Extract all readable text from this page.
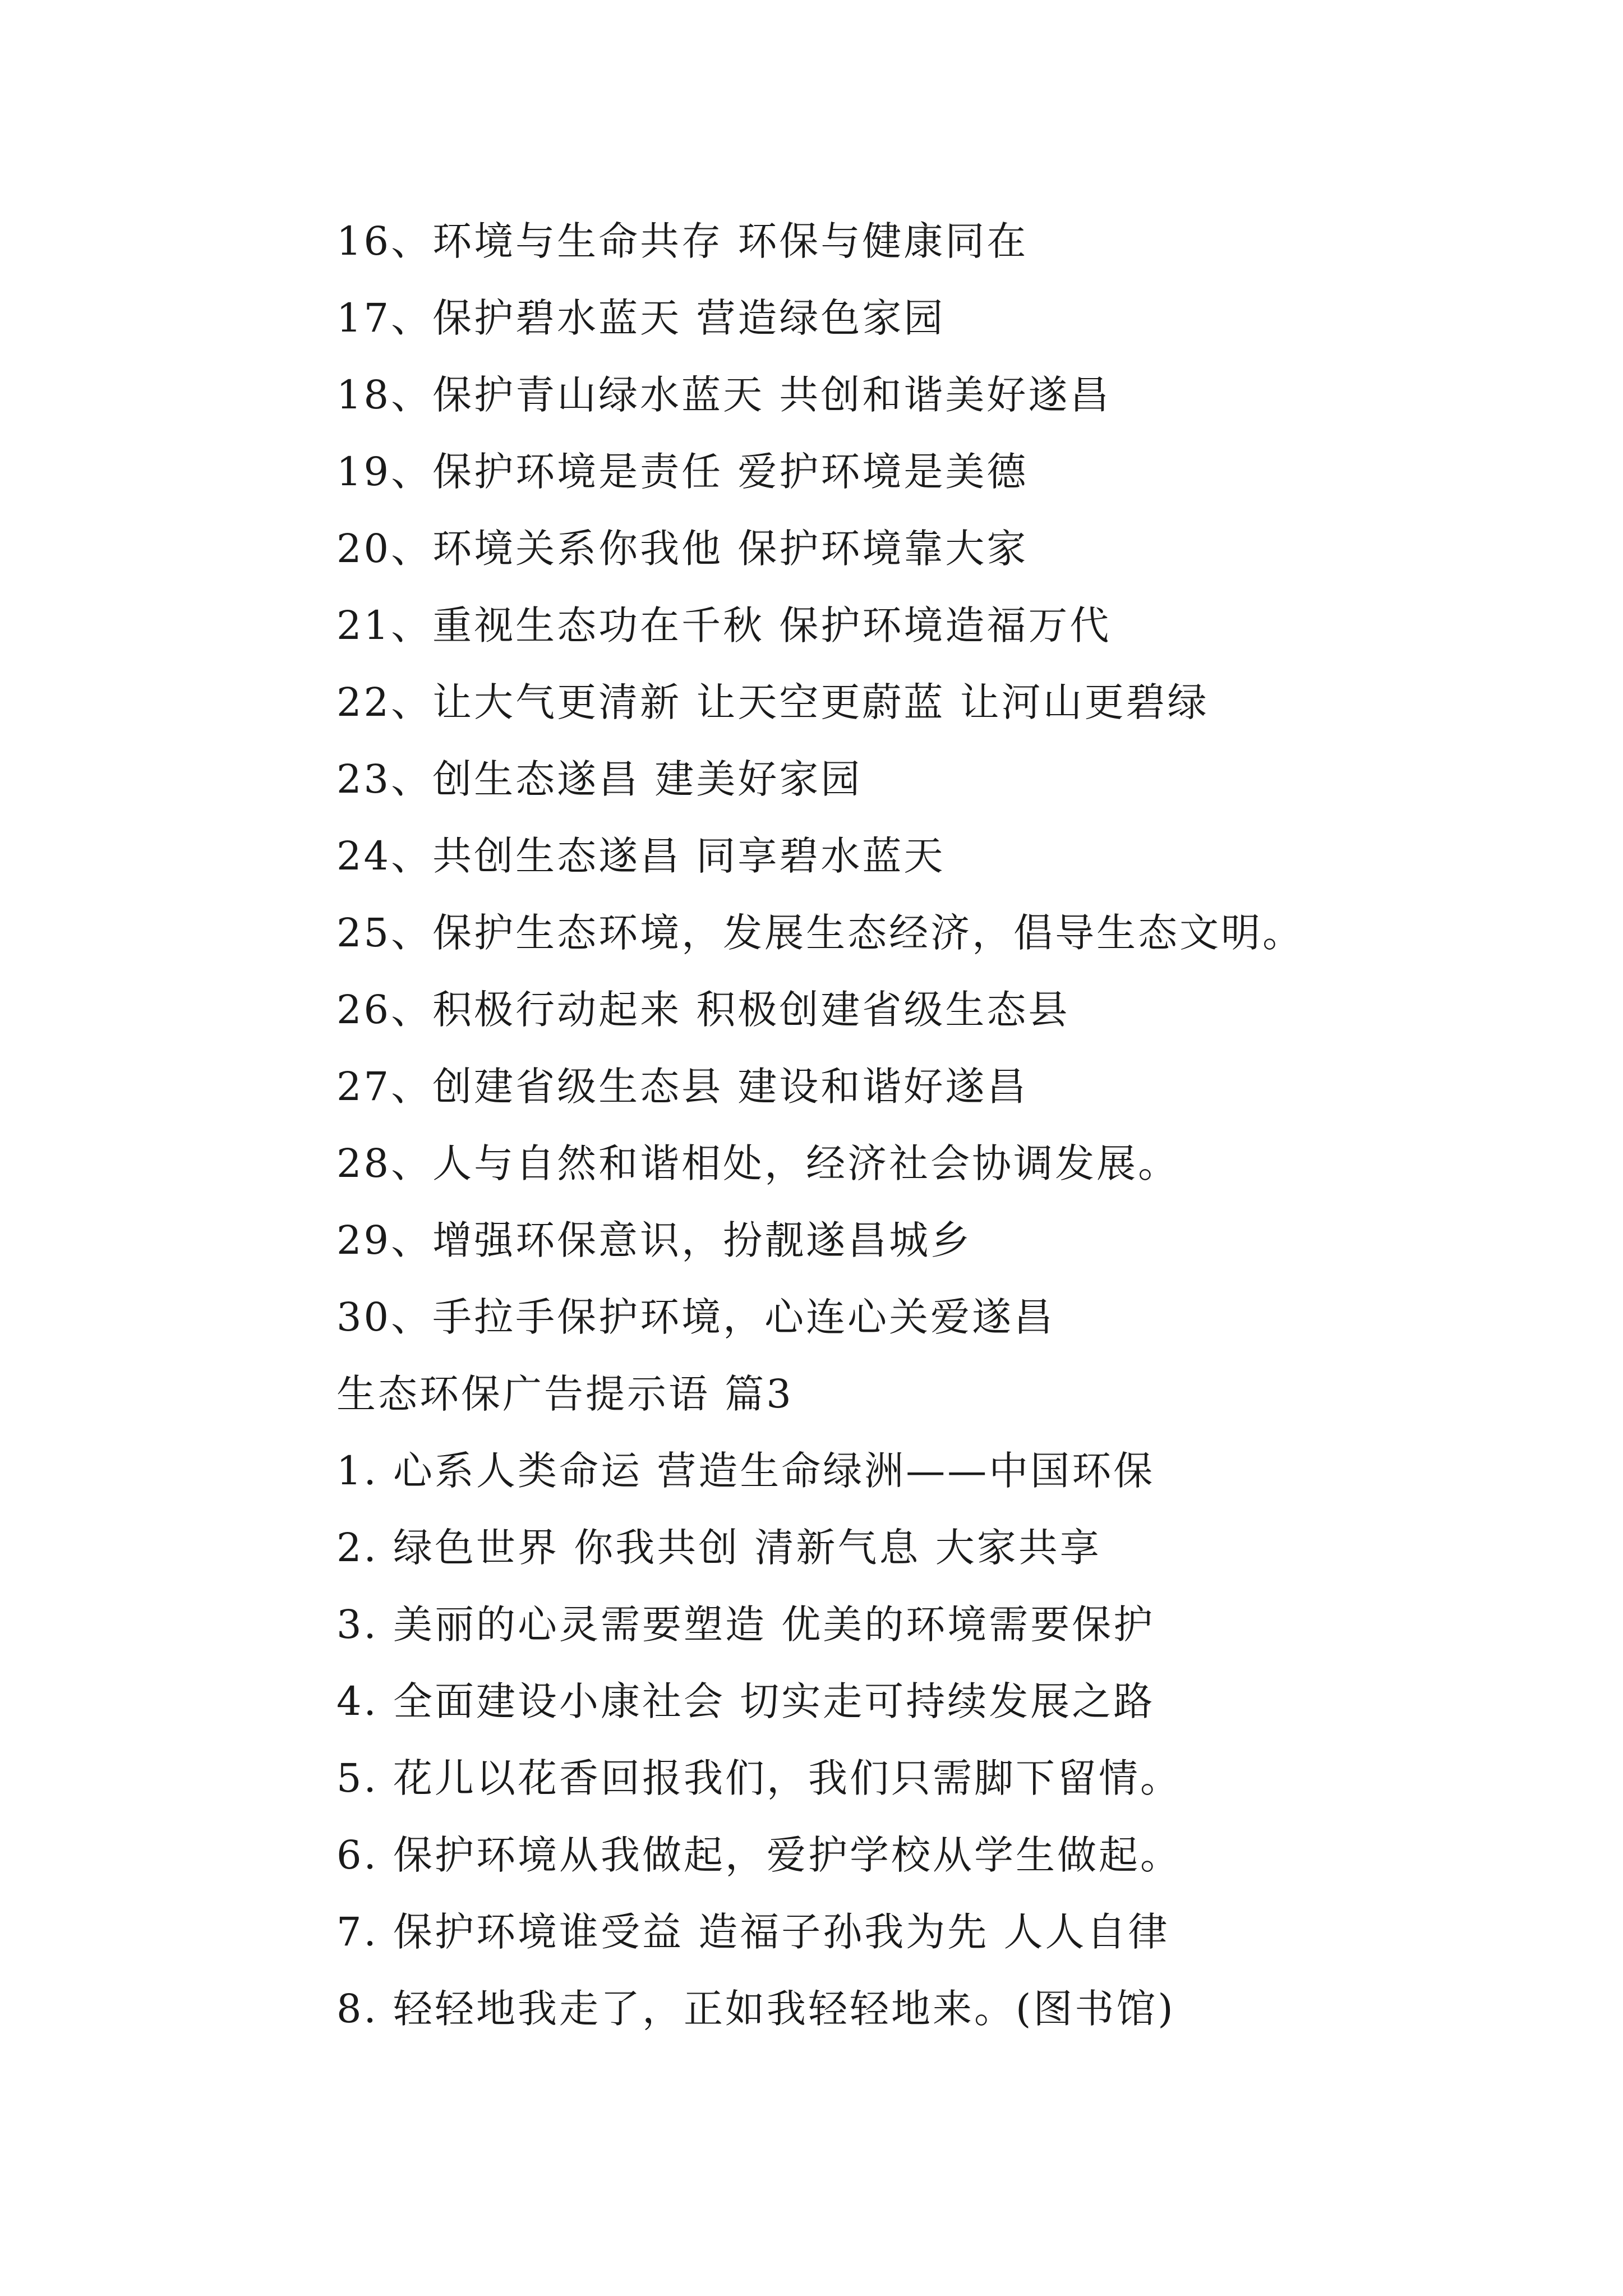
16、环境与生命共存 环保与健康同在
17、保护碧水蓝天 营造绿色家园
18、保护青山绿水蓝天 共创和谐美好遂昌
19、保护环境是责任 爱护环境是美德
20、环境关系你我他 保护环境靠大家
21、重视生态功在千秋 保护环境造福万代
22、让大气更清新 让天空更蔚蓝 让河山更碧绿
23、创生态遂昌 建美好家园
24、共创生态遂昌 同享碧水蓝天
25、保护生态环境，发展生态经济，倡导生态文明。
26、积极行动起来 积极创建省级生态县
27、创建省级生态县 建设和谐好遂昌
28、人与自然和谐相处，经济社会协调发展。
29、增强环保意识，扮靓遂昌城乡
30、手拉手保护环境，心连心关爱遂昌
生态环保广告提示语 篇3
1. 心系人类命运 营造生命绿洲——中国环保
2. 绿色世界 你我共创 清新气息 大家共享
3. 美丽的心灵需要塑造 优美的环境需要保护
4. 全面建设小康社会 切实走可持续发展之路
5. 花儿以花香回报我们，我们只需脚下留情。
6. 保护环境从我做起，爱护学校从学生做起。
7. 保护环境谁受益 造福子孙我为先 人人自律
8. 轻轻地我走了，正如我轻轻地来。(图书馆)
